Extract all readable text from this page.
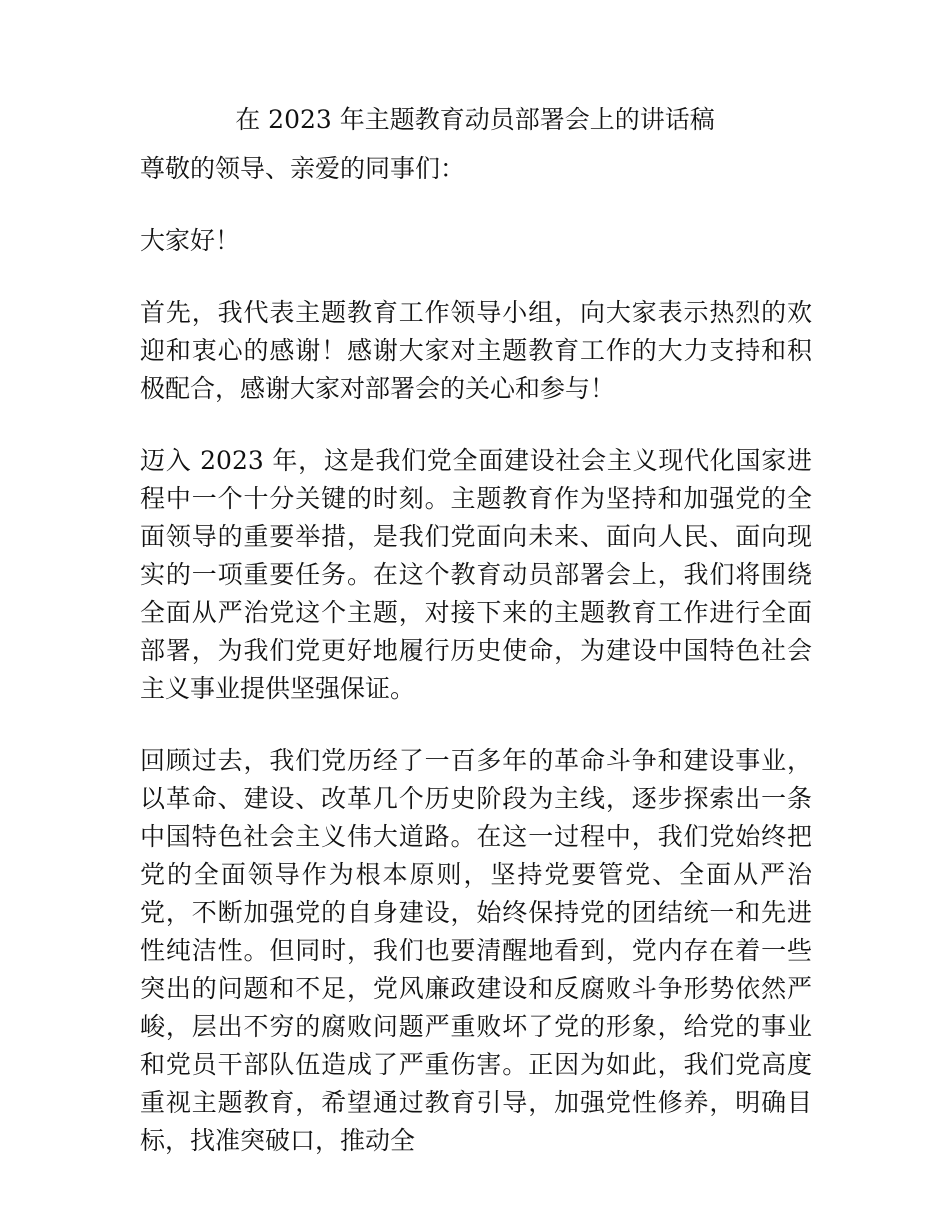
在 2023 年主题教育动员部署会上的讲话稿

尊敬的领导、亲爱的同事们：

大家好！

首先，我代表主题教育工作领导小组，向大家表示热烈的欢迎和衷心的感谢！感谢大家对主题教育工作的大力支持和积极配合，感谢大家对部署会的关心和参与！

迈入 2023 年，这是我们党全面建设社会主义现代化国家进程中一个十分关键的时刻。主题教育作为坚持和加强党的全面领导的重要举措，是我们党面向未来、面向人民、面向现实的一项重要任务。在这个教育动员部署会上，我们将围绕全面从严治党这个主题，对接下来的主题教育工作进行全面部署，为我们党更好地履行历史使命，为建设中国特色社会主义事业提供坚强保证。

回顾过去，我们党历经了一百多年的革命斗争和建设事业，以革命、建设、改革几个历史阶段为主线，逐步探索出一条中国特色社会主义伟大道路。在这一过程中，我们党始终把党的全面领导作为根本原则，坚持党要管党、全面从严治党，不断加强党的自身建设，始终保持党的团结统一和先进性纯洁性。但同时，我们也要清醒地看到，党内存在着一些突出的问题和不足，党风廉政建设和反腐败斗争形势依然严峻，层出不穷的腐败问题严重败坏了党的形象，给党的事业和党员干部队伍造成了严重伤害。正因为如此，我们党高度重视主题教育，希望通过教育引导，加强党性修养，明确目标，找准突破口，推动全
